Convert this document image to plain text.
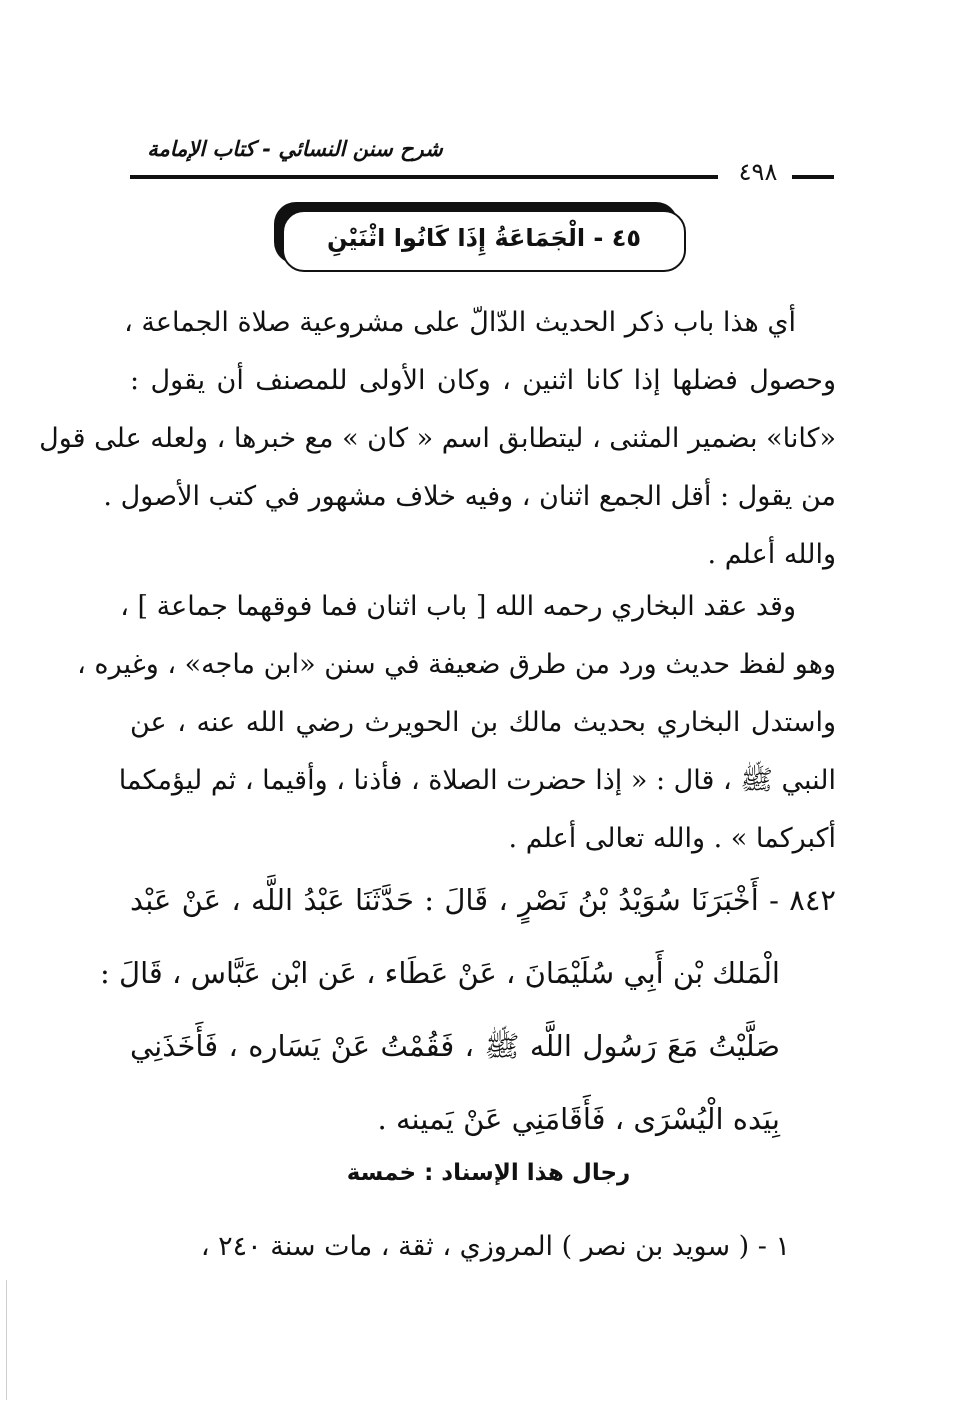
شرح سنن النسائي - كتاب الإمامة
٤٩٨
٤٥ - الْجَمَاعَةُ إِذَا كَانُوا اثْنَيْنِ
أي هذا باب ذكر الحديث الدّالّ على مشروعية صلاة الجماعة ،
وحصول فضلها إذا كانا اثنين ، وكان الأولى للمصنف أن يقول :
«كانا» بضمير المثنى ، ليتطابق اسم « كان » مع خبرها ، ولعله على قول
من يقول : أقل الجمع اثنان ، وفيه خلاف مشهور في كتب الأصول .
والله أعلم .
وقد عقد البخاري رحمه الله [ باب اثنان فما فوقهما جماعة ] ،
وهو لفظ حديث ورد من طرق ضعيفة في سنن «ابن ماجه» ، وغيره ،
واستدل البخاري بحديث مالك بن الحويرث رضي الله عنه ، عن
النبي ﷺ ، قال : « إذا حضرت الصلاة ، فأذنا ، وأقيما ، ثم ليؤمكما
أكبركما » . والله تعالى أعلم .
٨٤٢ - أَخْبَرَنَا سُوَيْدُ بْنُ نَصْرٍ ، قَالَ : حَدَّثَنَا عَبْدُ اللَّه ، عَنْ عَبْد
الْمَلك بْن أَبِي سُلَيْمَانَ ، عَنْ عَطَاء ، عَن ابْن عَبَّاس ، قَالَ :
صَلَّيْتُ مَعَ رَسُول اللَّه ﷺ ، فَقُمْتُ عَنْ يَسَاره ، فَأَخَذَنِي
بِيَده الْيُسْرَى ، فَأَقَامَنِي عَنْ يَمينه .
رجال هذا الإسناد : خمسة
١ - ( سويد بن نصر ) المروزي ، ثقة ، مات سنة ٢٤٠ ،
